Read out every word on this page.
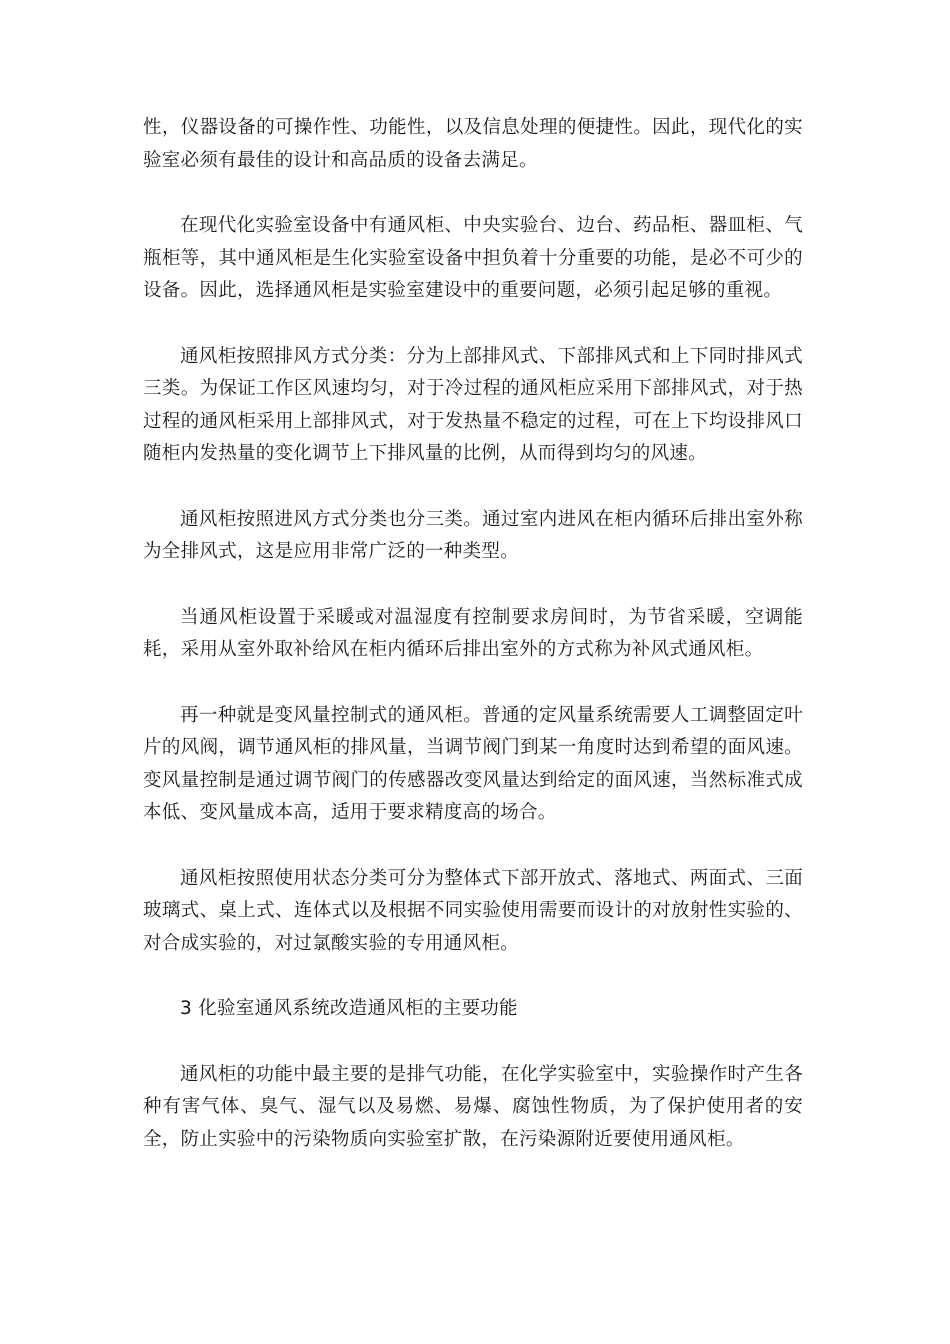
性，仪器设备的可操作性、功能性，以及信息处理的便捷性。因此，现代化的实验室必须有最佳的设计和高品质的设备去满足。

在现代化实验室设备中有通风柜、中央实验台、边台、药品柜、器皿柜、气瓶柜等，其中通风柜是生化实验室设备中担负着十分重要的功能，是必不可少的设备。因此，选择通风柜是实验室建设中的重要问题，必须引起足够的重视。

通风柜按照排风方式分类：分为上部排风式、下部排风式和上下同时排风式三类。为保证工作区风速均匀，对于冷过程的通风柜应采用下部排风式，对于热过程的通风柜采用上部排风式，对于发热量不稳定的过程，可在上下均设排风口随柜内发热量的变化调节上下排风量的比例，从而得到均匀的风速。

通风柜按照进风方式分类也分三类。通过室内进风在柜内循环后排出室外称为全排风式，这是应用非常广泛的一种类型。

当通风柜设置于采暖或对温湿度有控制要求房间时，为节省采暖，空调能耗，采用从室外取补给风在柜内循环后排出室外的方式称为补风式通风柜。

再一种就是变风量控制式的通风柜。普通的定风量系统需要人工调整固定叶片的风阀，调节通风柜的排风量，当调节阀门到某一角度时达到希望的面风速。变风量控制是通过调节阀门的传感器改变风量达到给定的面风速，当然标准式成本低、变风量成本高，适用于要求精度高的场合。

通风柜按照使用状态分类可分为整体式下部开放式、落地式、两面式、三面玻璃式、桌上式、连体式以及根据不同实验使用需要而设计的对放射性实验的、对合成实验的，对过氯酸实验的专用通风柜。

3 化验室通风系统改造通风柜的主要功能

通风柜的功能中最主要的是排气功能，在化学实验室中，实验操作时产生各种有害气体、臭气、湿气以及易燃、易爆、腐蚀性物质，为了保护使用者的安全，防止实验中的污染物质向实验室扩散，在污染源附近要使用通风柜。
